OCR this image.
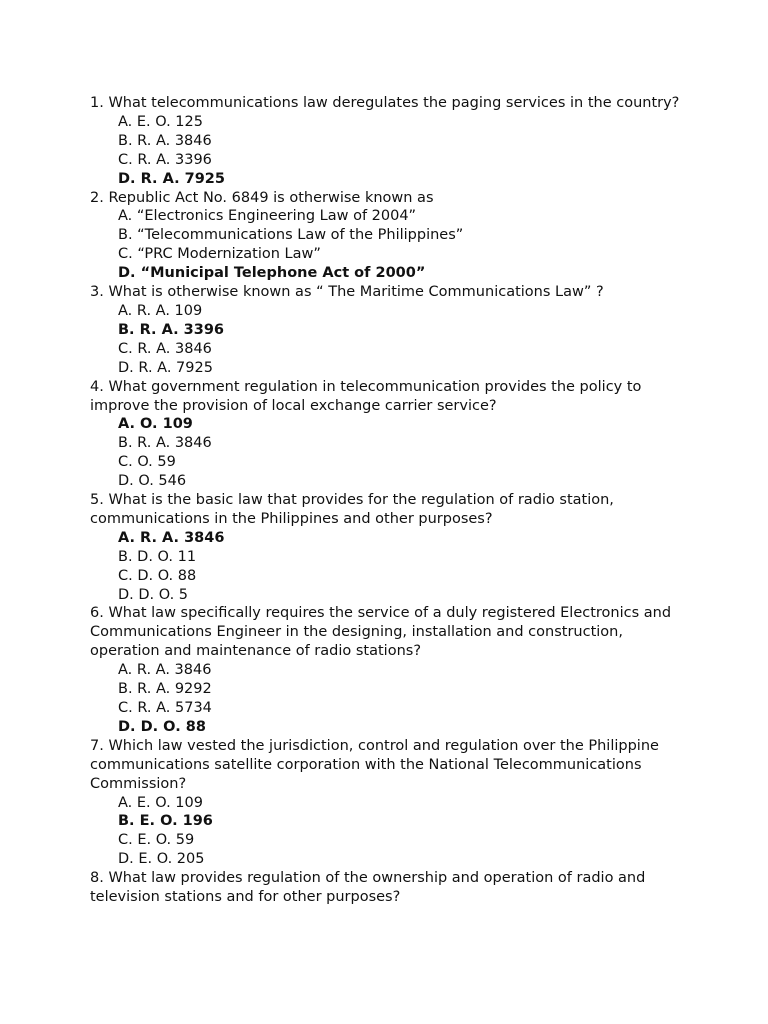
1. What telecommunications law deregulates the paging services in the country?

A. E. O. 125

B. R. A. 3846

C. R. A. 3396

D. R. A. 7925

2. Republic Act No. 6849 is otherwise known as

A. “Electronics Engineering Law of 2004”

B. “Telecommunications Law of the Philippines”

C. “PRC Modernization Law”

D. “Municipal Telephone Act of 2000”

3. What is otherwise known as “ The Maritime Communications Law” ?

A. R. A. 109

B. R. A. 3396

C. R. A. 3846

D. R. A. 7925

4. What government regulation in telecommunication provides the policy to improve the provision of local exchange carrier service?

A. O. 109

B. R. A. 3846

C. O. 59

D. O. 546

5. What is the basic law that provides for the regulation of radio station, communications in the Philippines and other purposes?

A. R. A. 3846

B. D. O. 11

C. D. O. 88

D. D. O. 5

6. What law specifically requires the service of a duly registered Electronics and Communications Engineer in the designing, installation and construction, operation and maintenance of radio stations?

A. R. A. 3846

B. R. A. 9292

C. R. A. 5734

D. D. O. 88

7. Which law vested the jurisdiction, control and regulation over the Philippine communications satellite corporation with the National Telecommunications Commission?

A. E. O. 109

B. E. O. 196

C. E. O. 59

D. E. O. 205

8. What law provides regulation of the ownership and operation of radio and television stations and for other purposes?
